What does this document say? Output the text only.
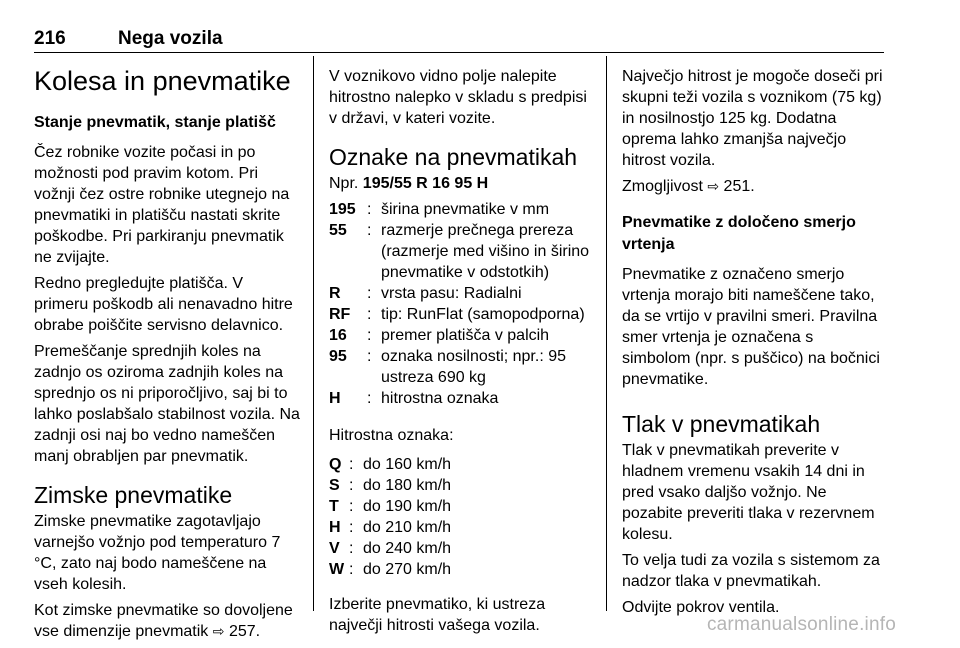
216	Nega vozila
Kolesa in pnevmatike
Stanje pnevmatik, stanje platišč

Čez robnike vozite počasi in po možnosti pod pravim kotom. Pri vožnji čez ostre robnike utegnejo na pnevmatiki in platišču nastati skrite poškodbe. Pri parkiranju pnevmatik ne zvijajte.

Redno pregledujte platišča. V primeru poškodb ali nenavadno hitre obrabe poiščite servisno delavnico.

Premeščanje sprednjih koles na zadnjo os oziroma zadnjih koles na sprednjo os ni priporočljivo, saj bi to lahko poslabšalo stabilnost vozila. Na zadnji osi naj bo vedno nameščen manj obrabljen par pnevmatik.

Zimske pnevmatike

Zimske pnevmatike zagotavljajo varnejšo vožnjo pod temperaturo 7 °C, zato naj bodo nameščene na vseh kolesih.

Kot zimske pnevmatike so dovoljene vse dimenzije pnevmatik ⇨ 257.

V voznikovo vidno polje nalepite hitrostno nalepko v skladu s predpisi v državi, v kateri vozite.

Oznake na pnevmatikah

Npr. 195/55 R 16 95 H

195	:	širina pnevmatike v mm
55	:	razmerje prečnega prereza (razmerje med višino in širino pnevmatike v odstotkih)
R	:	vrsta pasu: Radialni
RF	:	tip: RunFlat (samopodporna)
16	:	premer platišča v palcih
95	:	oznaka nosilnosti; npr.: 95 ustreza 690 kg
H	:	hitrostna oznaka

Hitrostna oznaka:

Q	:	do 160 km/h
S	:	do 180 km/h
T	:	do 190 km/h
H	:	do 210 km/h
V	:	do 240 km/h
W	:	do 270 km/h

Izberite pnevmatiko, ki ustreza največji hitrosti vašega vozila.

Največjo hitrost je mogoče doseči pri skupni teži vozila s voznikom (75 kg) in nosilnostjo 125 kg. Dodatna oprema lahko zmanjša največjo hitrost vozila.

Zmogljivost ⇨ 251.

Pnevmatike z določeno smerjo vrtenja

Pnevmatike z označeno smerjo vrtenja morajo biti nameščene tako, da se vrtijo v pravilni smeri. Pravilna smer vrtenja je označena s simbolom (npr. s puščico) na bočnici pnevmatike.

Tlak v pnevmatikah

Tlak v pnevmatikah preverite v hladnem vremenu vsakih 14 dni in pred vsako daljšo vožnjo. Ne pozabite preveriti tlaka v rezervnem kolesu.

To velja tudi za vozila s sistemom za nadzor tlaka v pnevmatikah.

Odvijte pokrov ventila.

carmanualsonline.info
